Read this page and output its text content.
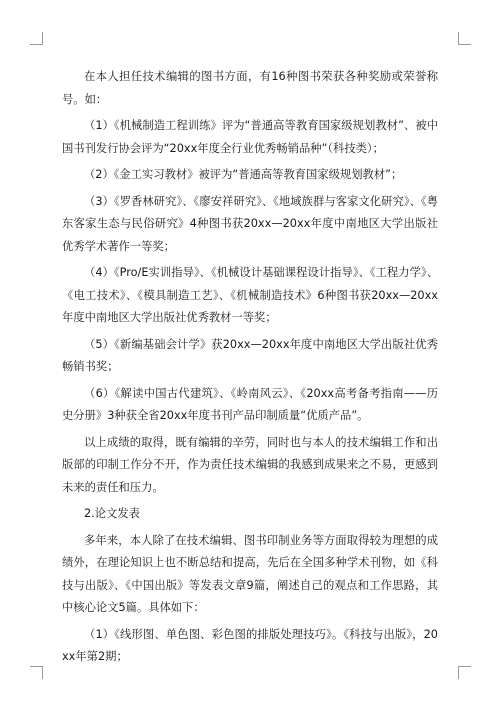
在本人担任技术编辑的图书方面，有16种图书荣获各种奖励或荣誉称号。如：

（1）《机械制造工程训练》评为“普通高等教育国家级规划教材”、被中国书刊发行协会评为“20xx年度全行业优秀畅销品种”（科技类）；

（2）《金工实习教材》被评为“普通高等教育国家级规划教材”；

（3）《罗香林研究》、《廖安祥研究》、《地域族群与客家文化研究》、《粤东客家生态与民俗研究》4种图书获20xx—20xx年度中南地区大学出版社优秀学术著作一等奖；

（4）《Pro/E实训指导》、《机械设计基础课程设计指导》、《工程力学》、《电工技术》、《模具制造工艺》、《机械制造技术》6种图书获20xx—20xx年度中南地区大学出版社优秀教材一等奖；

（5）《新编基础会计学》获20xx—20xx年度中南地区大学出版社优秀畅销书奖；

（6）《解读中国古代建筑》、《岭南风云》、《20xx高考备考指南——历史分册》3种获全省20xx年度书刊产品印制质量“优质产品”。

以上成绩的取得，既有编辑的辛劳，同时也与本人的技术编辑工作和出版部的印制工作分不开，作为责任技术编辑的我感到成果来之不易，更感到未来的责任和压力。

2.论文发表

多年来，本人除了在技术编辑、图书印制业务等方面取得较为理想的成绩外，在理论知识上也不断总结和提高，先后在全国多种学术刊物，如《科技与出版》、《中国出版》等发表文章9篇，阐述自己的观点和工作思路，其中核心论文5篇。具体如下：

（1）《线形图、单色图、彩色图的排版处理技巧》。《科技与出版》，20xx年第2期；
